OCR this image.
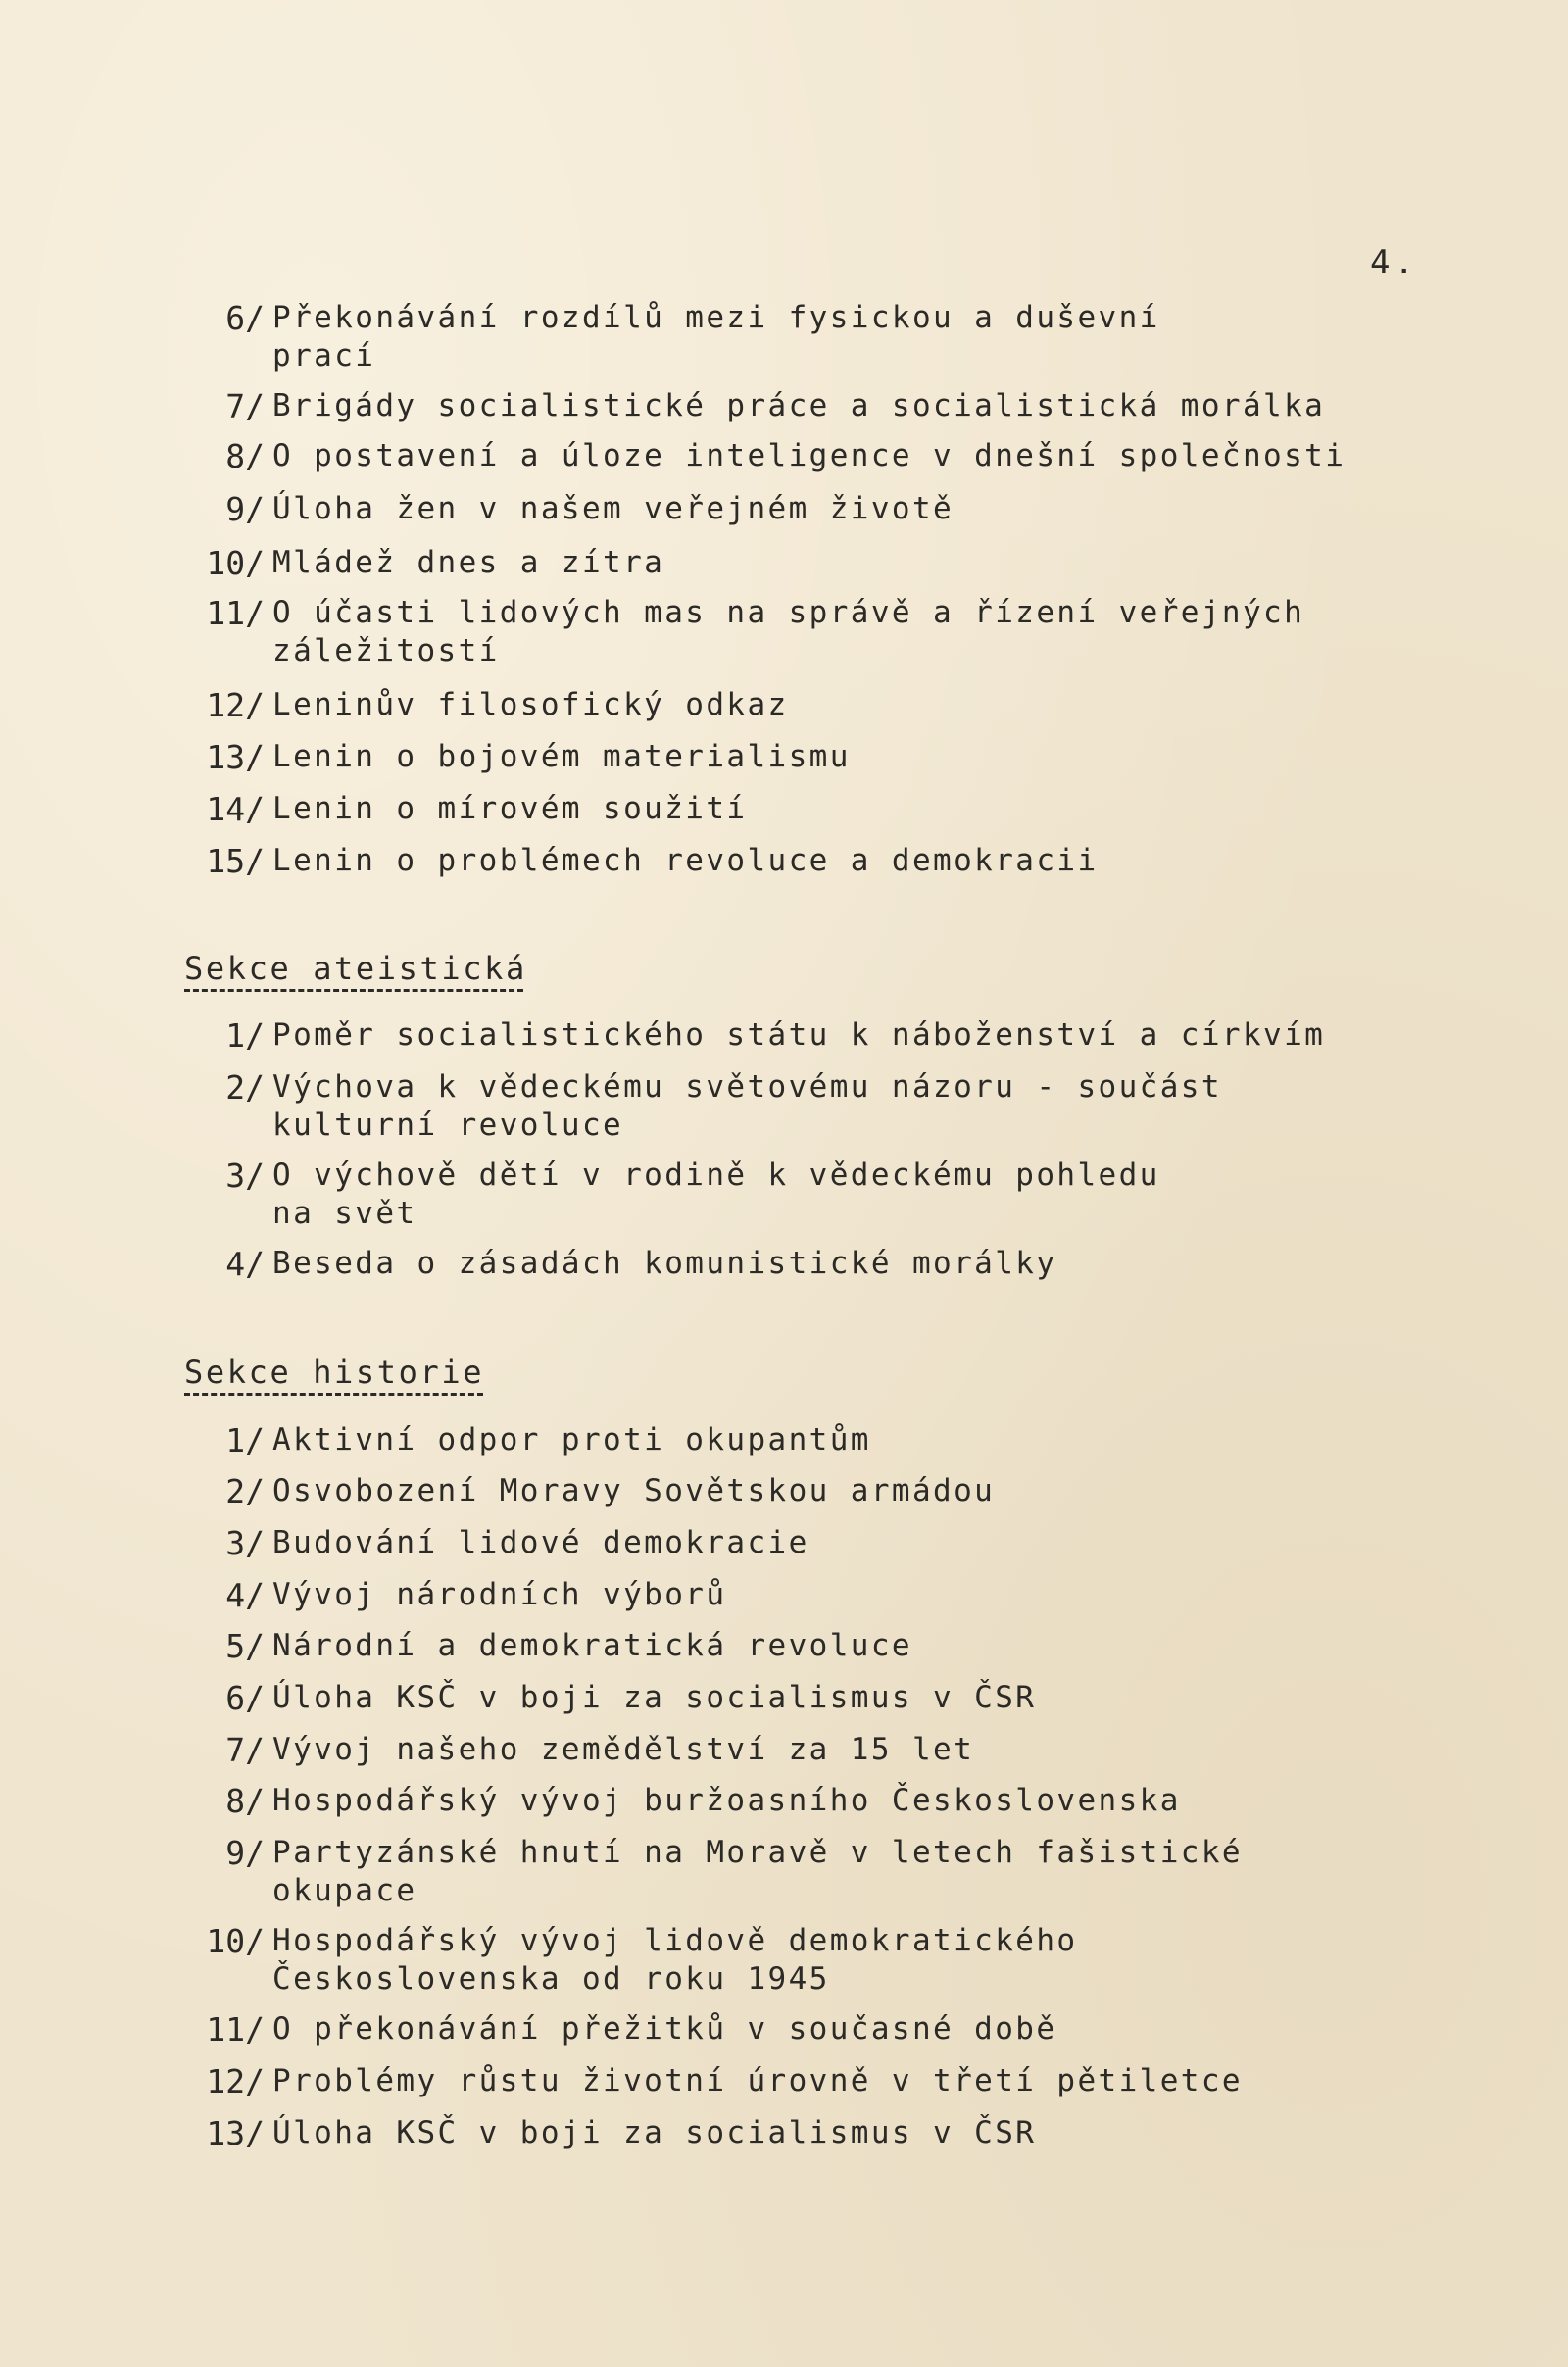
4.
6/ Překonávání rozdílů mezi fysickou a duševní
prací
7/ Brigády socialistické práce a socialistická morálka
8/ O postavení a úloze inteligence v dnešní společnosti
9/ Úloha žen v našem veřejném životě
10/ Mládež dnes a zítra
11/ O účasti lidových mas na správě a řízení veřejných
záležitostí
12/ Leninův filosofický odkaz
13/ Lenin o bojovém materialismu
14/ Lenin o mírovém soužití
15/ Lenin o problémech revoluce a demokracii
Sekce ateistická
1/ Poměr socialistického státu k náboženství a církvím
2/ Výchova k vědeckému světovému názoru - součást
kulturní revoluce
3/ O výchově dětí v rodině k vědeckému pohledu
na svět
4/ Beseda o zásadách komunistické morálky
Sekce historie
1/ Aktivní odpor proti okupantům
2/ Osvobození Moravy Sovětskou armádou
3/ Budování lidové demokracie
4/ Vývoj národních výborů
5/ Národní a demokratická revoluce
6/ Úloha KSČ v boji za socialismus v ČSR
7/ Vývoj našeho zemědělství za 15 let
8/ Hospodářský vývoj buržoasního Československa
9/ Partyzánské hnutí na Moravě v letech fašistické
okupace
10/ Hospodářský vývoj lidově demokratického
Československa od roku 1945
11/ O překonávání přežitků v současné době
12/ Problémy růstu životní úrovně v třetí pětiletce
13/ Úloha KSČ v boji za socialismus v ČSR
